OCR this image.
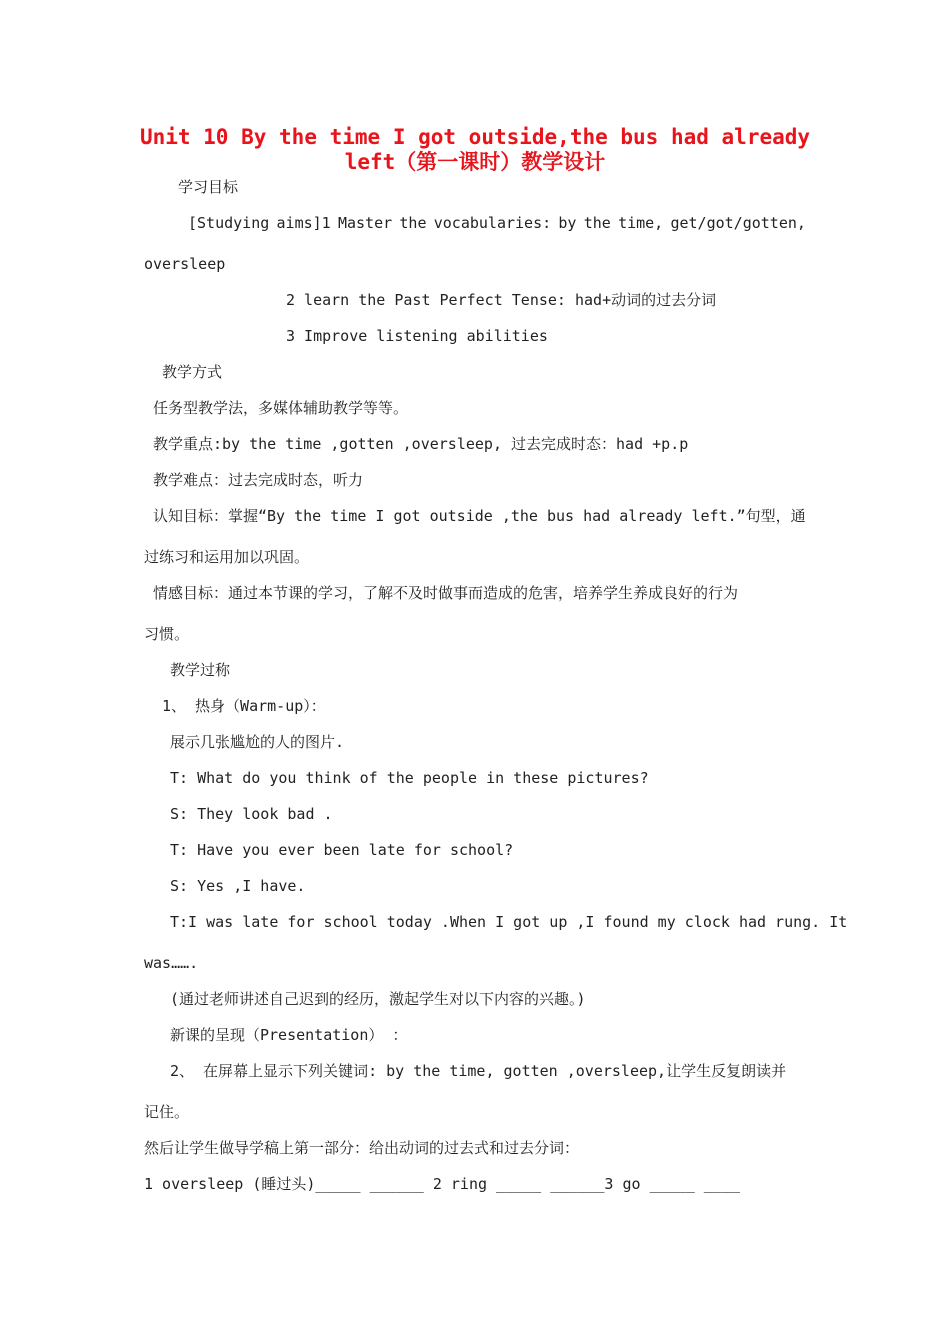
Unit 10 By the time I got outside,the bus had already
left（第一课时）教学设计
学习目标
[Studying aims]1 Master the vocabularies: by the time, get/got/gotten,
oversleep
2 learn the Past Perfect Tense: had+动词的过去分词
3 Improve listening abilities
教学方式
任务型教学法，多媒体辅助教学等等。
教学重点:by the time ,gotten ,oversleep, 过去完成时态：had +p.p
教学难点：过去完成时态，听力
认知目标：掌握“By the time I got outside ,the bus had already left.”句型，通
过练习和运用加以巩固。
情感目标：通过本节课的学习，了解不及时做事而造成的危害，培养学生养成良好的行为
习惯。
教学过称
1、 热身（Warm-up）：
展示几张尴尬的人的图片.
T: What do you think of the people in these pictures?
S: They look bad .
T: Have you ever been late for school?
S: Yes ,I have.
T:I was late for school today .When I got up ,I found my clock had rung. It
was…….
(通过老师讲述自己迟到的经历，激起学生对以下内容的兴趣。)
新课的呈现（Presentation） ：
2、 在屏幕上显示下列关键词: by the time, gotten ,oversleep,让学生反复朗读并
记住。
然后让学生做导学稿上第一部分：给出动词的过去式和过去分词：
1 oversleep (睡过头)_____ ______ 2 ring _____ ______3 go _____ ____
